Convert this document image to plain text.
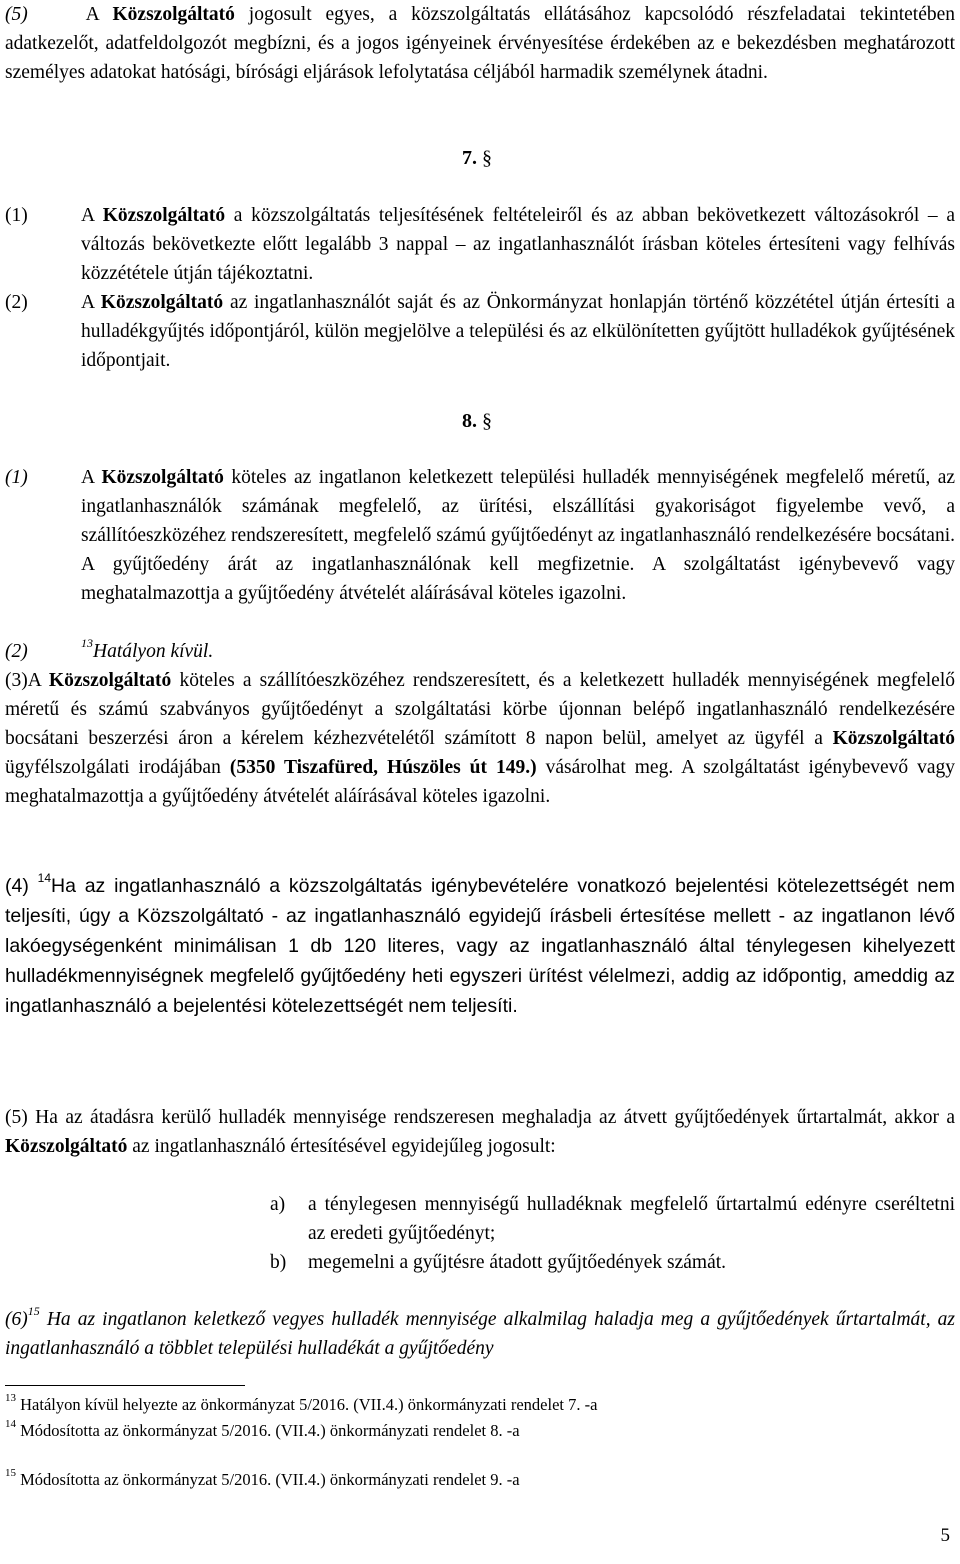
(5)	A Közszolgáltató jogosult egyes, a közszolgáltatás ellátásához kapcsolódó részfeladatai tekintetében adatkezelőt, adatfeldolgozót megbízni, és a jogos igényeinek érvényesítése érdekében az e bekezdésben meghatározott személyes adatokat hatósági, bírósági eljárások lefolytatása céljából harmadik személynek átadni.
7. §
(1)	A Közszolgáltató a közszolgáltatás teljesítésének feltételeiről és az abban bekövetkezett változásokról – a változás bekövetkezte előtt legalább 3 nappal – az ingatlanhasználót írásban köteles értesíteni vagy felhívás közzététele útján tájékoztatni.
(2)	A Közszolgáltató az ingatlanhasználót saját és az Önkormányzat honlapján történő közzététel útján értesíti a hulladékgyűjtés időpontjáról, külön megjelölve a települési és az elkülönítetten gyűjtött hulladékok gyűjtésének időpontjait.
8. §
(1)	A Közszolgáltató köteles az ingatlanon keletkezett települési hulladék mennyiségének megfelelő méretű, az ingatlanhasználók számának megfelelő, az ürítési, elszállítási gyakoriságot figyelembe vevő, a szállítóeszközéhez rendszeresített, megfelelő számú gyűjtőedényt az ingatlanhasználó rendelkezésére bocsátani. A gyűjtőedény árát az ingatlanhasználónak kell megfizetnie. A szolgáltatást igénybevevő vagy meghatalmazottja a gyűjtőedény átvételét aláírásával köteles igazolni.
(2)	$^{13}$Hatályon kívül.
(3)A Közszolgáltató köteles a szállítóeszközéhez rendszeresített, és a keletkezett hulladék mennyiségének megfelelő méretű és számú szabványos gyűjtőedényt a szolgáltatási körbe újonnan belépő ingatlanhasználó rendelkezésére bocsátani beszerzési áron a kérelem kézhezvételétől számított 8 napon belül, amelyet az ügyfél a Közszolgáltató ügyfélszolgálati irodájában (5350 Tiszafüred, Húszöles út 149.) vásárolhat meg. A szolgáltatást igénybevevő vagy meghatalmazottja a gyűjtőedény átvételét aláírásával köteles igazolni.
(4) $^{14}$Ha az ingatlanhasználó a közszolgáltatás igénybevételére vonatkozó bejelentési kötelezettségét nem teljesíti, úgy a Közszolgáltató - az ingatlanhasználó egyidejű írásbeli értesítése mellett - az ingatlanon lévő lakóegységenként minimálisan 1 db 120 literes, vagy az ingatlanhasználó által ténylegesen kihelyezett hulladékmennyiségnek megfelelő gyűjtőedény heti egyszeri ürítést vélelmezi, addig az időpontig, ameddig az ingatlanhasználó a bejelentési kötelezettségét nem teljesíti.
(5) Ha az átadásra kerülő hulladék mennyisége rendszeresen meghaladja az átvett gyűjtőedények űrtartalmát, akkor a Közszolgáltató az ingatlanhasználó értesítésével egyidejűleg jogosult:
a)	a ténylegesen mennyiségű hulladéknak megfelelő űrtartalmú edényre cseréltetni az eredeti gyűjtőedényt;
b)	megemelni a gyűjtésre átadott gyűjtőedények számát.
$(6)^{15}$ Ha az ingatlanon keletkező vegyes hulladék mennyisége alkalmilag haladja meg a gyűjtőedények űrtartalmát, az ingatlanhasználó a többlet települési hulladékát a gyűjtőedény
$^{13}$ Hatályon kívül helyezte az önkormányzat 5/2016. (VII.4.) önkormányzati rendelet 7. -a
$^{14}$ Módosította az önkormányzat 5/2016. (VII.4.) önkormányzati rendelet 8. -a
$^{15}$ Módosította az önkormányzat 5/2016. (VII.4.) önkormányzati rendelet 9. -a
5
